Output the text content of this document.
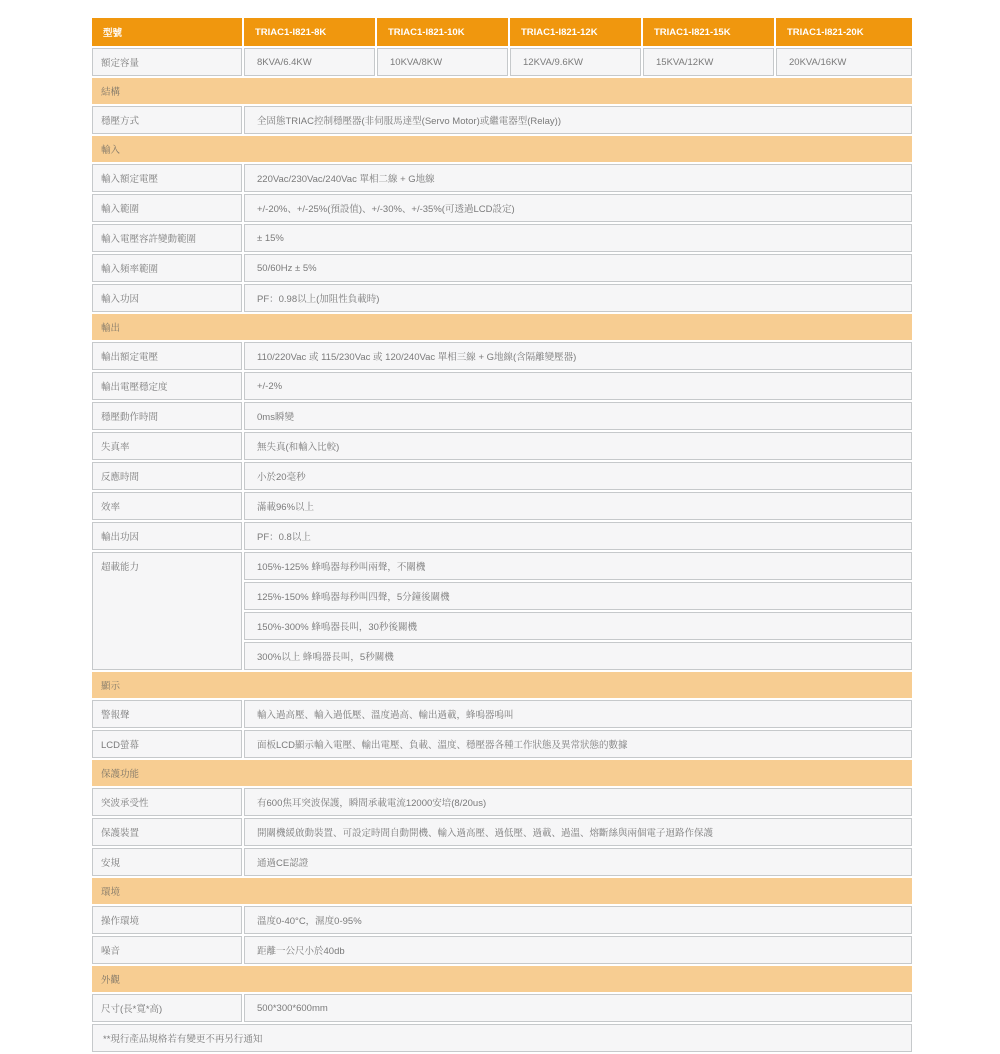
型號	TRIAC1-I821-8K	TRIAC1-I821-10K	TRIAC1-I821-12K	TRIAC1-I821-15K	TRIAC1-I821-20K
額定容量	8KVA/6.4KW	10KVA/8KW	12KVA/9.6KW	15KVA/12KW	20KVA/16KW
結構					
穩壓方式	全固態TRIAC控制穩壓器(非伺服馬達型(Servo Motor)或繼電器型(Relay))				
輸入					
輸入額定電壓	220Vac/230Vac/240Vac 單相二線 + G地線				
輸入範圍	+/-20%、+/-25%(預設值)、+/-30%、+/-35%(可透過LCD設定)				
輸入電壓容許變動範圍	± 15%				
輸入頻率範圍	50/60Hz ± 5%				
輸入功因	PF：0.98以上(加阻性負載時)				
輸出					
輸出額定電壓	110/220Vac 或 115/230Vac 或 120/240Vac 單相三線 + G地線(含隔離變壓器)				
輸出電壓穩定度	+/-2%				
穩壓動作時間	0ms瞬變				
失真率	無失真(和輸入比較)				
反應時間	小於20毫秒				
效率	滿載96%以上				
輸出功因	PF：0.8以上				
超載能力	105%-125% 蜂鳴器每秒叫兩聲，不關機				
	125%-150% 蜂鳴器每秒叫四聲，5分鐘後關機				
	150%-300% 蜂鳴器長叫，30秒後關機				
	300%以上 蜂鳴器長叫，5秒關機				
顯示					
警報聲	輸入過高壓、輸入過低壓、溫度過高、輸出過載，蜂鳴器鳴叫				
LCD螢幕	面板LCD顯示輸入電壓、輸出電壓、負載、溫度、穩壓器各種工作狀態及異常狀態的數據				
保護功能					
突波承受性	有600焦耳突波保護，瞬間承載電流12000安培(8/20us)				
保護裝置	開關機緩啟動裝置、可設定時間自動開機、輸入過高壓、過低壓、過載、過溫、熔斷絲與兩個電子迴路作保護				
安規	通過CE認證				
環境					
操作環境	溫度0-40°C，濕度0-95%				
噪音	距離一公尺小於40db				
外觀					
尺寸(長*寬*高)	500*300*600mm				
**現行產品規格若有變更不再另行通知					
